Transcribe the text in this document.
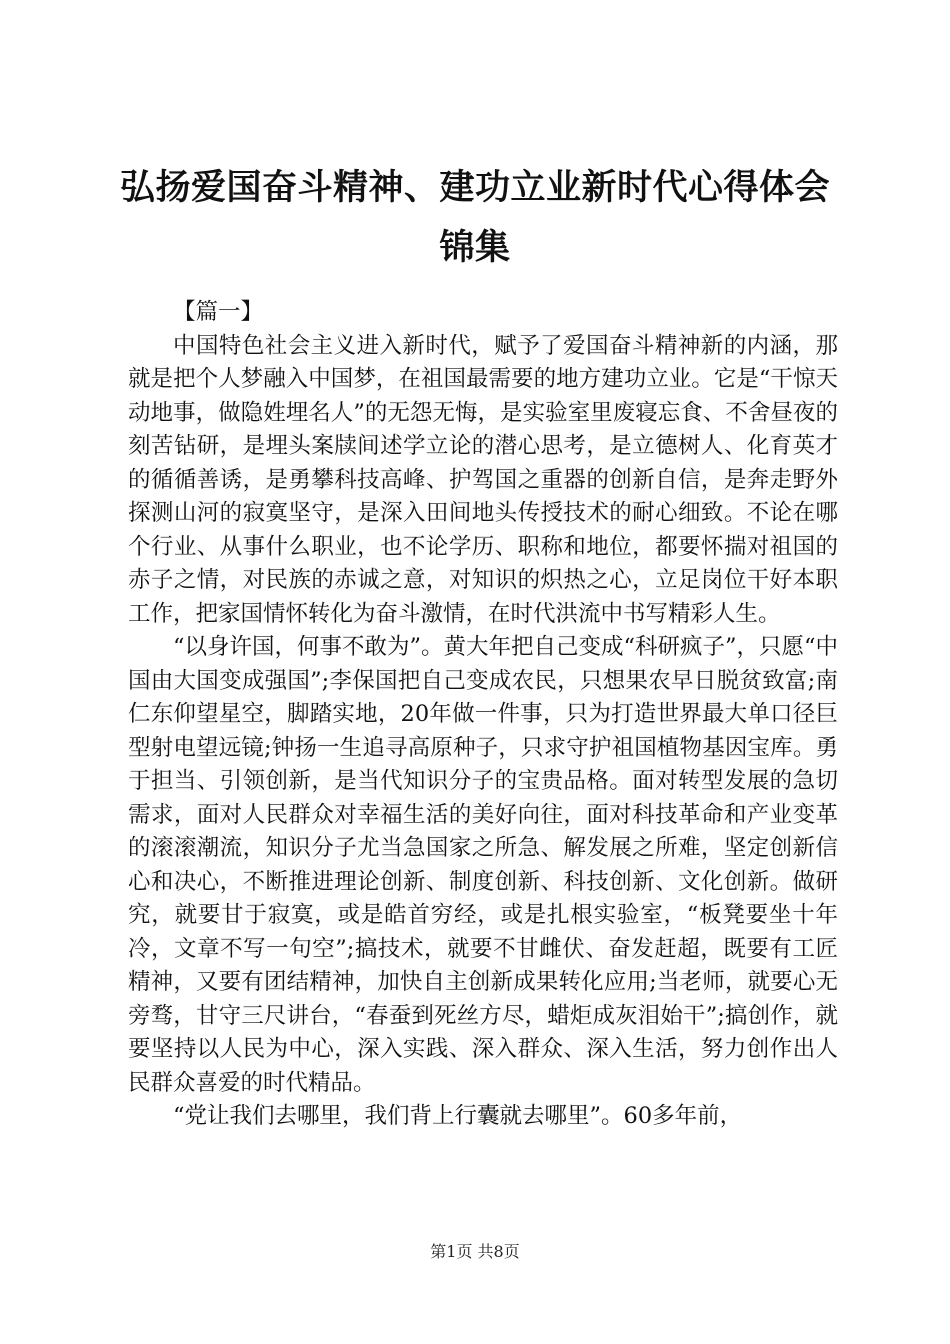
弘扬爱国奋斗精神、建功立业新时代心得体会锦集

【篇一】

中国特色社会主义进入新时代，赋予了爱国奋斗精神新的内涵，那就是把个人梦融入中国梦，在祖国最需要的地方建功立业。它是“干惊天动地事，做隐姓埋名人”的无怨无悔，是实验室里废寝忘食、不舍昼夜的刻苦钻研，是埋头案牍间述学立论的潜心思考，是立德树人、化育英才的循循善诱，是勇攀科技高峰、护驾国之重器的创新自信，是奔走野外探测山河的寂寞坚守，是深入田间地头传授技术的耐心细致。不论在哪个行业、从事什么职业，也不论学历、职称和地位，都要怀揣对祖国的赤子之情，对民族的赤诚之意，对知识的炽热之心，立足岗位干好本职工作，把家国情怀转化为奋斗激情，在时代洪流中书写精彩人生。

“以身许国，何事不敢为”。黄大年把自己变成“科研疯子”，只愿“中国由大国变成强国”;李保国把自己变成农民，只想果农早日脱贫致富;南仁东仰望星空，脚踏实地，20年做一件事，只为打造世界最大单口径巨型射电望远镜;钟扬一生追寻高原种子，只求守护祖国植物基因宝库。勇于担当、引领创新，是当代知识分子的宝贵品格。面对转型发展的急切需求，面对人民群众对幸福生活的美好向往，面对科技革命和产业变革的滚滚潮流，知识分子尤当急国家之所急、解发展之所难，坚定创新信心和决心，不断推进理论创新、制度创新、科技创新、文化创新。做研究，就要甘于寂寞，或是皓首穷经，或是扎根实验室，“板凳要坐十年冷，文章不写一句空”;搞技术，就要不甘雌伏、奋发赶超，既要有工匠精神，又要有团结精神，加快自主创新成果转化应用;当老师，就要心无旁骛，甘守三尺讲台，“春蚕到死丝方尽，蜡炬成灰泪始干”;搞创作，就要坚持以人民为中心，深入实践、深入群众、深入生活，努力创作出人民群众喜爱的时代精品。

“党让我们去哪里，我们背上行囊就去哪里”。60多年前，

第1页 共8页
